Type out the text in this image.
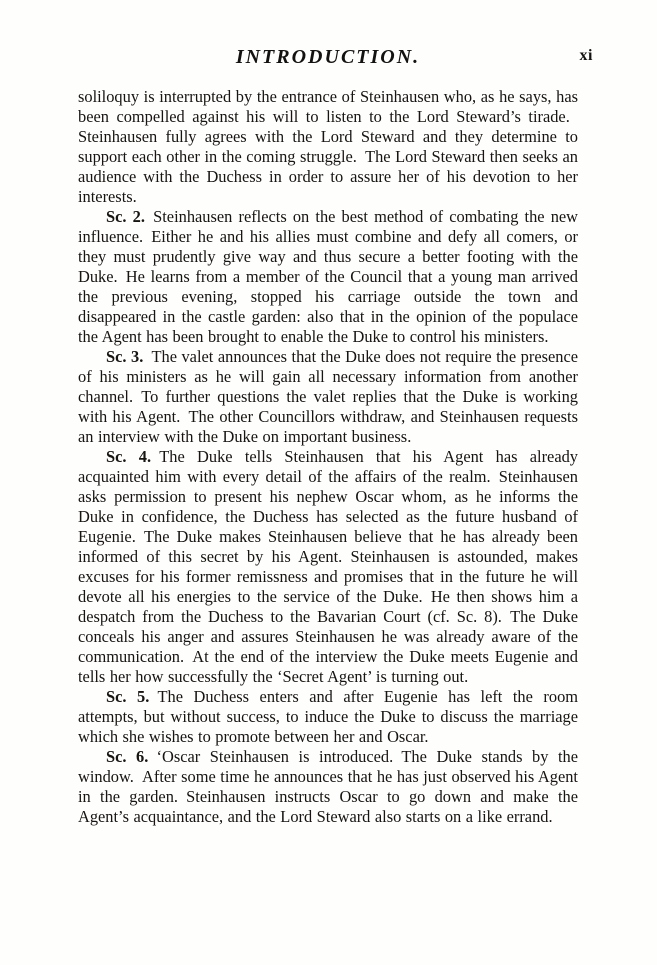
INTRODUCTION.	xi

soliloquy is interrupted by the entrance of Steinhausen who, as he says, has been compelled against his will to listen to the Lord Steward’s tirade. Steinhausen fully agrees with the Lord Steward and they determine to support each other in the coming struggle. The Lord Steward then seeks an audience with the Duchess in order to assure her of his devotion to her interests.

Sc. 2. Steinhausen reflects on the best method of combating the new influence. Either he and his allies must combine and defy all comers, or they must prudently give way and thus secure a better footing with the Duke. He learns from a member of the Council that a young man arrived the previous evening, stopped his carriage outside the town and disappeared in the castle garden: also that in the opinion of the populace the Agent has been brought to enable the Duke to control his ministers.

Sc. 3. The valet announces that the Duke does not require the presence of his ministers as he will gain all necessary information from another channel. To further questions the valet replies that the Duke is working with his Agent. The other Councillors withdraw, and Steinhausen requests an interview with the Duke on important business.

Sc. 4. The Duke tells Steinhausen that his Agent has already acquainted him with every detail of the affairs of the realm. Steinhausen asks permission to present his nephew Oscar whom, as he informs the Duke in confidence, the Duchess has selected as the future husband of Eugenie. The Duke makes Steinhausen believe that he has already been informed of this secret by his Agent. Steinhausen is astounded, makes excuses for his former remissness and promises that in the future he will devote all his energies to the service of the Duke. He then shows him a despatch from the Duchess to the Bavarian Court (cf. Sc. 8). The Duke conceals his anger and assures Steinhausen he was already aware of the communication. At the end of the interview the Duke meets Eugenie and tells her how successfully the ‘Secret Agent’ is turning out.

Sc. 5. The Duchess enters and after Eugenie has left the room attempts, but without success, to induce the Duke to discuss the marriage which she wishes to promote between her and Oscar.

Sc. 6. ‘Oscar Steinhausen is introduced. The Duke stands by the window. After some time he announces that he has just observed his Agent in the garden. Steinhausen instructs Oscar to go down and make the Agent’s acquaintance, and the Lord Steward also starts on a like errand.
